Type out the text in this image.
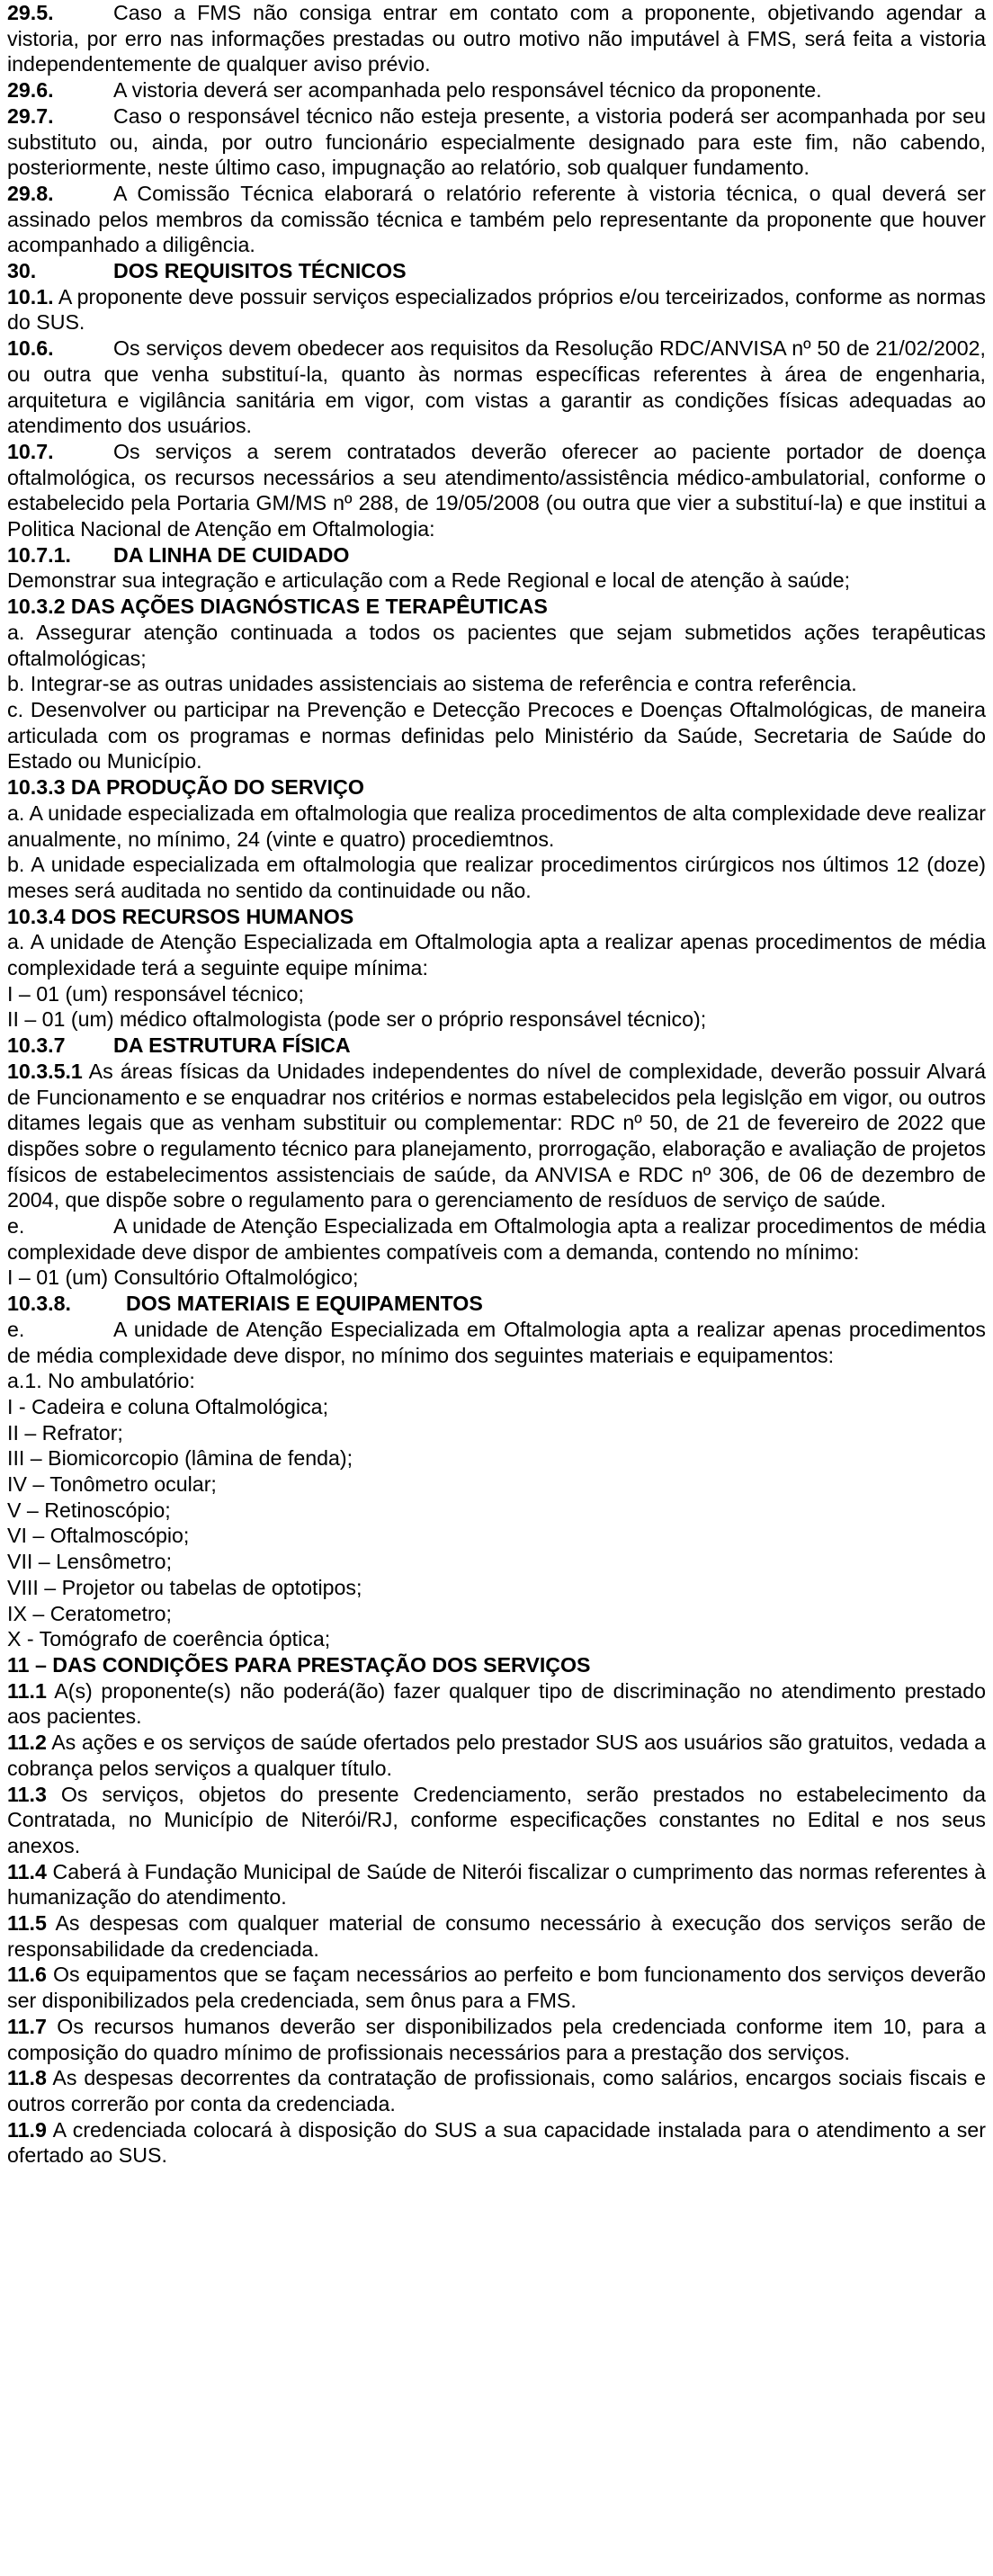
29.5.	Caso a FMS não consiga entrar em contato com a proponente, objetivando agendar a vistoria, por erro nas informações prestadas ou outro motivo não imputável à FMS, será feita a vistoria independentemente de qualquer aviso prévio.

29.6.	A vistoria deverá ser acompanhada pelo responsável técnico da proponente.

29.7.	Caso o responsável técnico não esteja presente, a vistoria poderá ser acompanhada por seu substituto ou, ainda, por outro funcionário especialmente designado para este fim, não cabendo, posteriormente, neste último caso, impugnação ao relatório, sob qualquer fundamento.

29.8.	A Comissão Técnica elaborará o relatório referente à vistoria técnica, o qual deverá ser assinado pelos membros da comissão técnica e também pelo representante da proponente que houver acompanhado a diligência.

30.	DOS REQUISITOS TÉCNICOS

10.1. A proponente deve possuir serviços especializados próprios e/ou terceirizados, conforme as normas do SUS.

10.6.	Os serviços devem obedecer aos requisitos da Resolução RDC/ANVISA nº 50 de 21/02/2002, ou outra que venha substituí-la, quanto às normas específicas referentes à área de engenharia, arquitetura e vigilância sanitária em vigor, com vistas a garantir as condições físicas adequadas ao atendimento dos usuários.

10.7.	Os serviços a serem contratados deverão oferecer ao paciente portador de doença oftalmológica, os recursos necessários a seu atendimento/assistência médico-ambulatorial, conforme o estabelecido pela Portaria GM/MS nº 288, de 19/05/2008 (ou outra que vier a substituí-la) e que institui a Politica Nacional de Atenção em Oftalmologia:

10.7.1. DA LINHA DE CUIDADO

Demonstrar sua integração e articulação com a Rede Regional e local de atenção à saúde;

10.3.2 DAS AÇÕES DIAGNÓSTICAS E TERAPÊUTICAS

a. Assegurar atenção continuada a todos os pacientes que sejam submetidos ações terapêuticas oftalmológicas;

b. Integrar-se as outras unidades assistenciais ao sistema de referência e contra referência.

c. Desenvolver ou participar na Prevenção e Detecção Precoces e Doenças Oftalmológicas, de maneira articulada com os programas e normas definidas pelo Ministério da Saúde, Secretaria de Saúde do Estado ou Município.

10.3.3 DA PRODUÇÃO DO SERVIÇO

a. A unidade especializada em oftalmologia que realiza procedimentos de alta complexidade deve realizar anualmente, no mínimo, 24 (vinte e quatro) procediemtnos.

b. A unidade especializada em oftalmologia que realizar procedimentos cirúrgicos nos últimos 12 (doze) meses será auditada no sentido da continuidade ou não.

10.3.4 DOS RECURSOS HUMANOS

a. A unidade de Atenção Especializada em Oftalmologia apta a realizar apenas procedimentos de média complexidade terá a seguinte equipe mínima:

I – 01 (um) responsável técnico;

II – 01 (um) médico oftalmologista (pode ser o próprio responsável técnico);

10.3.7 DA ESTRUTURA FÍSICA

10.3.5.1 As áreas físicas da Unidades independentes do nível de complexidade, deverão possuir Alvará de Funcionamento e se enquadrar nos critérios e normas estabelecidos pela legislção em vigor, ou outros ditames legais que as venham substituir ou complementar: RDC nº 50, de 21 de fevereiro de 2022 que dispões sobre o regulamento técnico para planejamento, prorrogação, elaboração e avaliação de projetos físicos de estabelecimentos assistenciais de saúde, da ANVISA e RDC nº 306, de 06 de dezembro de 2004, que dispõe sobre o regulamento para o gerenciamento de resíduos de serviço de saúde.

e.	A unidade de Atenção Especializada em Oftalmologia apta a realizar procedimentos de média complexidade deve dispor de ambientes compatíveis com a demanda, contendo no mínimo:

I – 01 (um) Consultório Oftalmológico;

10.3.8.	DOS MATERIAIS E EQUIPAMENTOS

e.	A unidade de Atenção Especializada em Oftalmologia apta a realizar apenas procedimentos de média complexidade deve dispor, no mínimo dos seguintes materiais e equipamentos:

a.1. No ambulatório:

I - Cadeira e coluna Oftalmológica;

II – Refrator;

III – Biomicorcopio (lâmina de fenda);

IV – Tonômetro ocular;

V – Retinoscópio;

VI – Oftalmoscópio;

VII – Lensômetro;

VIII – Projetor ou tabelas de optotipos;

IX – Ceratometro;

X - Tomógrafo de coerência óptica;

11 – DAS CONDIÇÕES PARA PRESTAÇÃO DOS SERVIÇOS

11.1 A(s) proponente(s) não poderá(ão) fazer qualquer tipo de discriminação no atendimento prestado aos pacientes.

11.2 As ações e os serviços de saúde ofertados pelo prestador SUS aos usuários são gratuitos, vedada a cobrança pelos serviços a qualquer título.

11.3 Os serviços, objetos do presente Credenciamento, serão prestados no estabelecimento da Contratada, no Município de Niterói/RJ, conforme especificações constantes no Edital e nos seus anexos.

11.4 Caberá à Fundação Municipal de Saúde de Niterói fiscalizar o cumprimento das normas referentes à humanização do atendimento.

11.5 As despesas com qualquer material de consumo necessário à execução dos serviços serão de responsabilidade da credenciada.

11.6 Os equipamentos que se façam necessários ao perfeito e bom funcionamento dos serviços deverão ser disponibilizados pela credenciada, sem ônus para a FMS.

11.7 Os recursos humanos deverão ser disponibilizados pela credenciada conforme item 10, para a composição do quadro mínimo de profissionais necessários para a prestação dos serviços.

11.8 As despesas decorrentes da contratação de profissionais, como salários, encargos sociais fiscais e outros correrão por conta da credenciada.

11.9 A credenciada colocará à disposição do SUS a sua capacidade instalada para o atendimento a ser ofertado ao SUS.
